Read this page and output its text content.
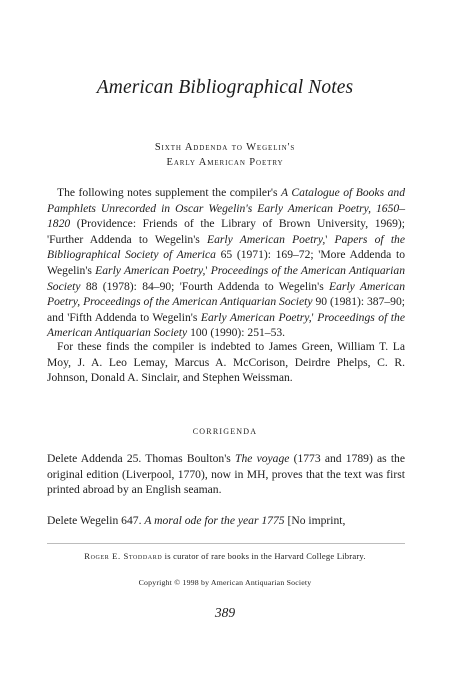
American Bibliographical Notes
Sixth Addenda to Wegelin's
Early American Poetry
The following notes supplement the compiler's A Catalogue of Books and Pamphlets Unrecorded in Oscar Wegelin's Early American Poetry, 1650–1820 (Providence: Friends of the Library of Brown University, 1969); 'Further Addenda to Wegelin's Early American Poetry,' Papers of the Bibliographical Society of America 65 (1971): 169–72; 'More Addenda to Wegelin's Early American Poetry,' Proceedings of the American Antiquarian Society 88 (1978): 84–90; 'Fourth Addenda to Wegelin's Early American Poetry, Proceedings of the American Antiquarian Society 90 (1981): 387–90; and 'Fifth Addenda to Wegelin's Early American Poetry,' Proceedings of the American Antiquarian Society 100 (1990): 251–53.
For these finds the compiler is indebted to James Green, William T. La Moy, J. A. Leo Lemay, Marcus A. McCorison, Deirdre Phelps, C. R. Johnson, Donald A. Sinclair, and Stephen Weissman.
CORRIGENDA
Delete Addenda 25. Thomas Boulton's The voyage (1773 and 1789) as the original edition (Liverpool, 1770), now in MH, proves that the text was first printed abroad by an English seaman.
Delete Wegelin 647. A moral ode for the year 1775 [No imprint,
Roger E. Stoddard is curator of rare books in the Harvard College Library.
Copyright © 1998 by American Antiquarian Society
389
